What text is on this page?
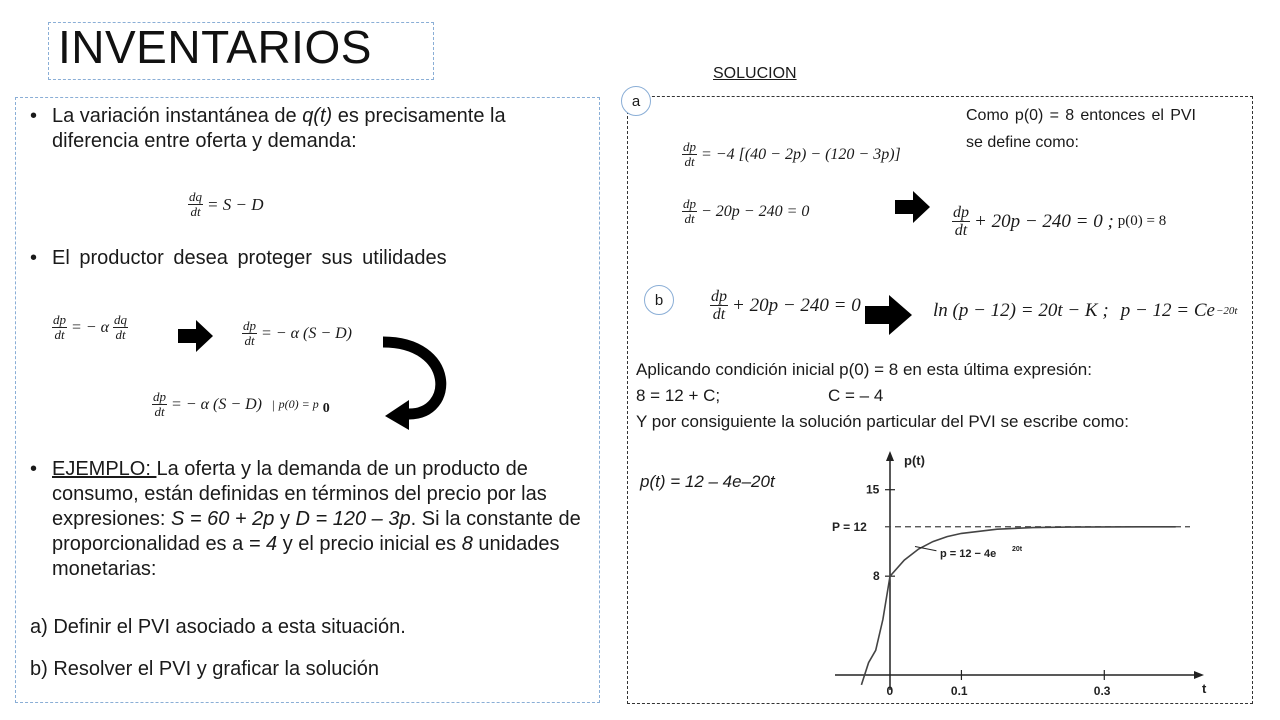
INVENTARIOS
• La variación instantánea de q(t) es precisamente la diferencia entre oferta y demanda:
$\frac{dq}{dt} = S - D$
• El productor desea proteger sus utilidades
$\frac{dp}{dt}$ = − α $\frac{dq}{dt}$	$\frac{dp}{dt}$ = − α (S − D)
$\frac{dp}{dt}$ = − α (S − D) | p(0) = p 0
• EJEMPLO: La oferta y la demanda de un producto de consumo, están definidas en términos del precio por las expresiones: S = 60 + 2p y D = 120 – 3p. Si la constante de proporcionalidad es a = 4 y el precio inicial es 8 unidades monetarias:
a) Definir el PVI asociado a esta situación.
b) Resolver el PVI y graficar la solución
SOLUCION
a
$\frac{dp}{dt} = -4$ [(40 − 2p) − (120 − 3p)]
$\frac{dp}{dt} - 20p - 240 = 0$
Como p(0) = 8 entonces el PVI se define como:
$\frac{dp}{dt} + 20p - 240 = 0$ ; p(0) = 8
b	$\frac{dp}{dt} + 20p - 240 = 0$	ln (p − 12) = 20t − K ; p − 12 = Ce −20t
Aplicando condición inicial p(0) = 8 en esta última expresión:
8 = 12 + C;	C = – 4
Y por consiguiente la solución particular del PVI se escribe como:
p(t) = 12 – 4e–20t
p(t)
t
0	0.1	0.3
8
15
P = 12
p = 12 − 4e 20t
